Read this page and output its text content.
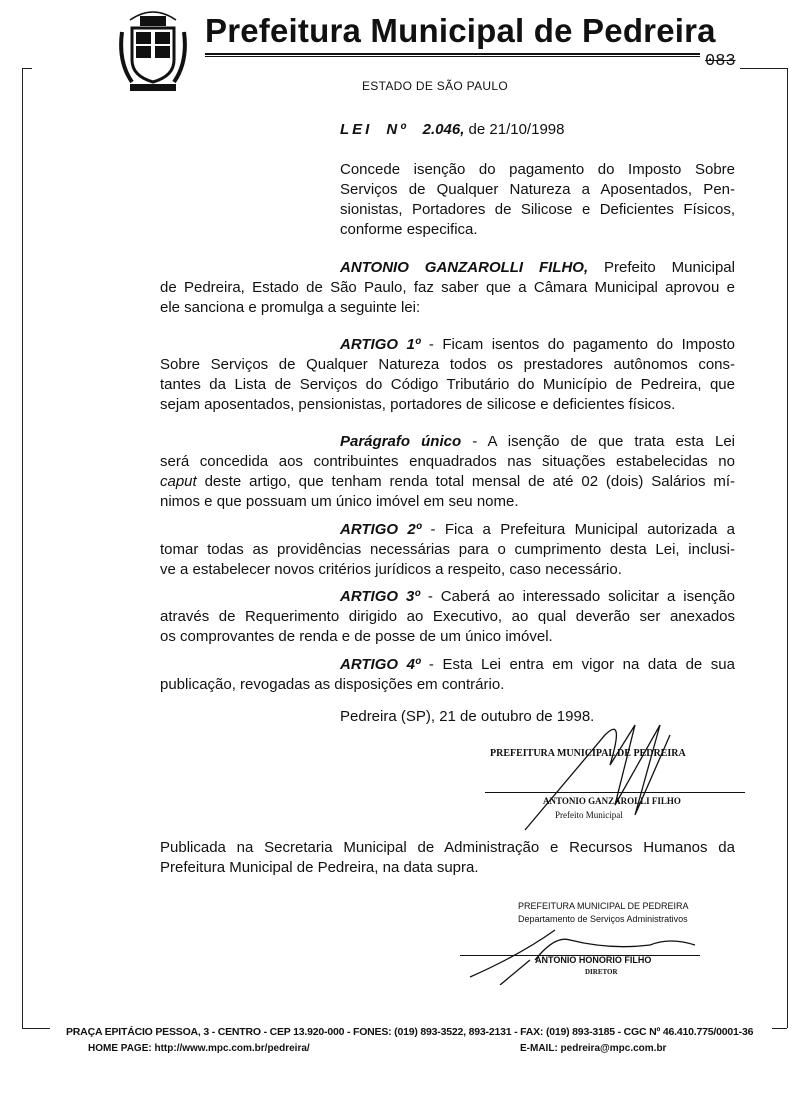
Prefeitura Municipal de Pedreira
083
ESTADO DE SÃO PAULO
LEI Nº 2.046, de 21/10/1998
Concede isenção do pagamento do Imposto Sobre
Serviços de Qualquer Natureza a Aposentados, Pen-
sionistas, Portadores de Silicose e Deficientes Físicos,
conforme especifica.
ANTONIO GANZAROLLI FILHO, Prefeito Municipal
de Pedreira, Estado de São Paulo, faz saber que a Câmara Municipal aprovou e
ele sanciona e promulga a seguinte lei:
ARTIGO 1º - Ficam isentos do pagamento do Imposto
Sobre Serviços de Qualquer Natureza todos os prestadores autônomos cons-
tantes da Lista de Serviços do Código Tributário do Município de Pedreira, que
sejam aposentados, pensionistas, portadores de silicose e deficientes físicos.
Parágrafo único - A isenção de que trata esta Lei
será concedida aos contribuintes enquadrados nas situações estabelecidas no
caput deste artigo, que tenham renda total mensal de até 02 (dois) Salários mí-
nimos e que possuam um único imóvel em seu nome.
ARTIGO 2º - Fica a Prefeitura Municipal autorizada a
tomar todas as providências necessárias para o cumprimento desta Lei, inclusi-
ve a estabelecer novos critérios jurídicos a respeito, caso necessário.
ARTIGO 3º - Caberá ao interessado solicitar a isenção
através de Requerimento dirigido ao Executivo, ao qual deverão ser anexados
os comprovantes de renda e de posse de um único imóvel.
ARTIGO 4º - Esta Lei entra em vigor na data de sua
publicação, revogadas as disposições em contrário.
Pedreira (SP), 21 de outubro de 1998.
PREFEITURA MUNICIPAL DE PEDREIRA
ANTONIO GANZAROLLI FILHO
Prefeito Municipal
Publicada na Secretaria Municipal de Administração e Recursos Humanos da
Prefeitura Municipal de Pedreira, na data supra.
PREFEITURA MUNICIPAL DE PEDREIRA
Departamento de Serviços Administrativos
ANTONIO HONORIO FILHO
DIRETOR
PRAÇA EPITÁCIO PESSOA, 3 - CENTRO - CEP 13.920-000 - FONES: (019) 893-3522, 893-2131 - FAX: (019) 893-3185 - CGC Nº 46.410.775/0001-36
HOME PAGE: http://www.mpc.com.br/pedreira/	E-MAIL: pedreira@mpc.com.br
